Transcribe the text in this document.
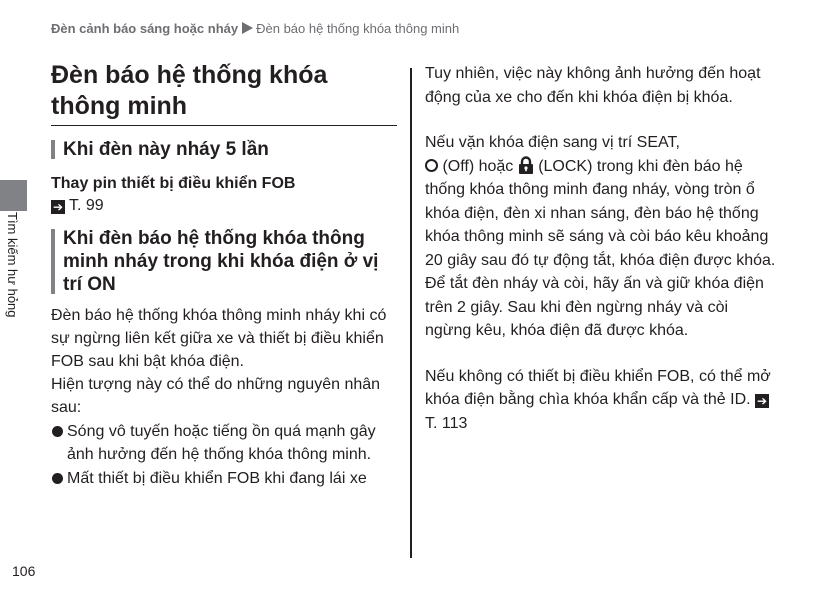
Đèn cảnh báo sáng hoặc nháy Đèn báo hệ thống khóa thông minh
Tìm kiếm hư hỏng
106
Đèn báo hệ thống khóa thông minh
Khi đèn này nháy 5 lần
Thay pin thiết bị điều khiển FOB
➔ T. 99
Khi đèn báo hệ thống khóa thông minh nháy trong khi khóa điện ở vị trí ON
Đèn báo hệ thống khóa thông minh nháy khi có sự ngừng liên kết giữa xe và thiết bị điều khiển FOB sau khi bật khóa điện.
Hiện tượng này có thể do những nguyên nhân sau:
Sóng vô tuyến hoặc tiếng ồn quá mạnh gây ảnh hưởng đến hệ thống khóa thông minh.
Mất thiết bị điều khiển FOB khi đang lái xe

Tuy nhiên, việc này không ảnh hưởng đến hoạt động của xe cho đến khi khóa điện bị khóa.

Nếu vặn khóa điện sang vị trí SEAT,
(Off) hoặc (LOCK) trong khi đèn báo hệ thống khóa thông minh đang nháy, vòng tròn ổ khóa điện, đèn xi nhan sáng, đèn báo hệ thống khóa thông minh sẽ sáng và còi báo kêu khoảng 20 giây sau đó tự động tắt, khóa điện được khóa.

Để tắt đèn nháy và còi, hãy ấn và giữ khóa điện trên 2 giây. Sau khi đèn ngừng nháy và còi ngừng kêu, khóa điện đã được khóa.

Nếu không có thiết bị điều khiển FOB, có thể mở khóa điện bằng chìa khóa khẩn cấp và thẻ ID. ➔T. 113
